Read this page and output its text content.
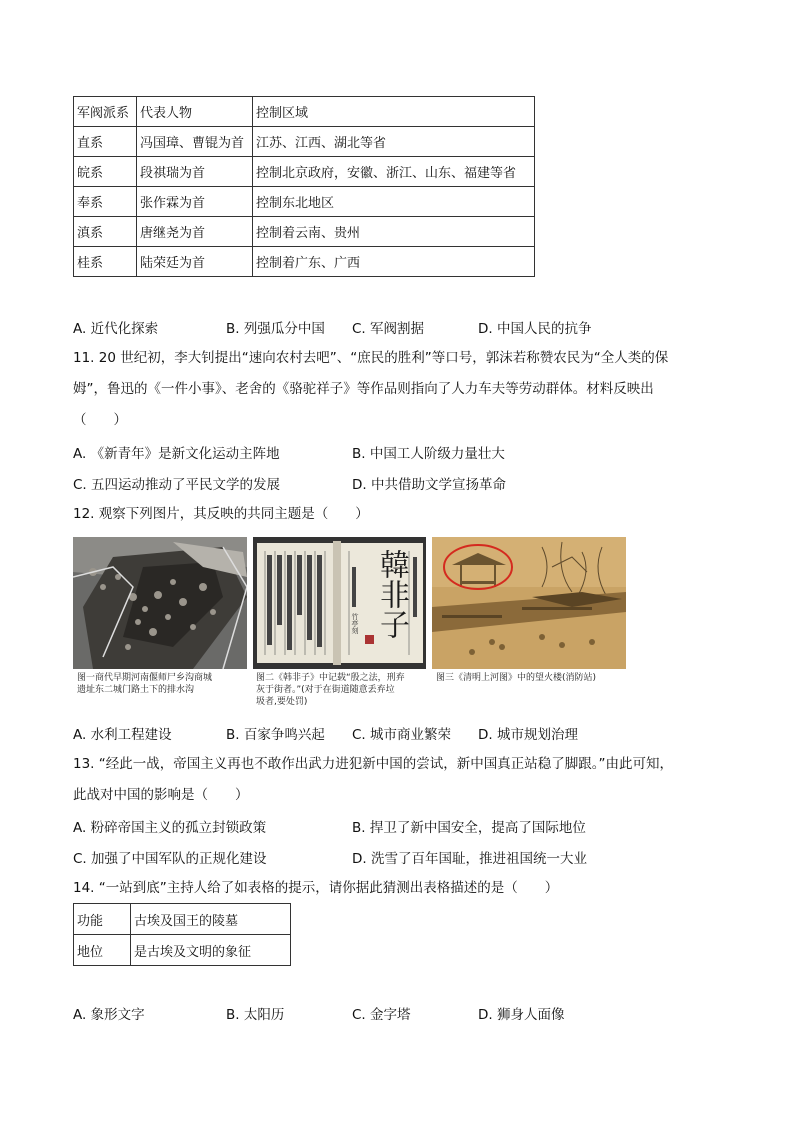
军阀派系	代表人物	控制区域
直系	冯国璋、曹锟为首	江苏、江西、湖北等省
皖系	段祺瑞为首	控制北京政府，安徽、浙江、山东、福建等省
奉系	张作霖为首	控制东北地区
滇系	唐继尧为首	控制着云南、贵州
桂系	陆荣廷为首	控制着广东、广西
A. 近代化探索	B. 列强瓜分中国 C. 军阀割据	D. 中国人民的抗争
11. 20 世纪初，李大钊提出“速向农村去吧”、“庶民的胜利”等口号，郭沫若称赞农民为“全人类的保
姆”，鲁迅的《一件小事》、老舍的《骆驼祥子》等作品则指向了人力车夫等劳动群体。材料反映出
（　　）
A. 《新青年》是新文化运动主阵地	B. 中国工人阶级力量壮大
C. 五四运动推动了平民文学的发展	D. 中共借助文学宣扬革命
12. 观察下列图片，其反映的共同主题是（　　）
图一商代早期河南偃师尸乡沟商城
遗址东二城门路土下的排水沟
韓非子
竹亭刻
图二《韩非子》中记载“殷之法，刑弃
灰于街者。”(对于在街道随意丢弃垃
圾者,要处罚)
图三《清明上河图》中的望火楼(消防站)
A. 水利工程建设	B. 百家争鸣兴起 C. 城市商业繁荣 D. 城市规划治理
13. “经此一战，帝国主义再也不敢作出武力进犯新中国的尝试，新中国真正站稳了脚跟。”由此可知，
此战对中国的影响是（　　）
A. 粉碎帝国主义的孤立封锁政策	B. 捍卫了新中国安全，提高了国际地位
C. 加强了中国军队的正规化建设	D. 洗雪了百年国耻，推进祖国统一大业
14. “一站到底”主持人给了如表格的提示，请你据此猜测出表格描述的是（　　）
功能	古埃及国王的陵墓
地位	是古埃及文明的象征
A. 象形文字	B. 太阳历	C. 金字塔	D. 狮身人面像
